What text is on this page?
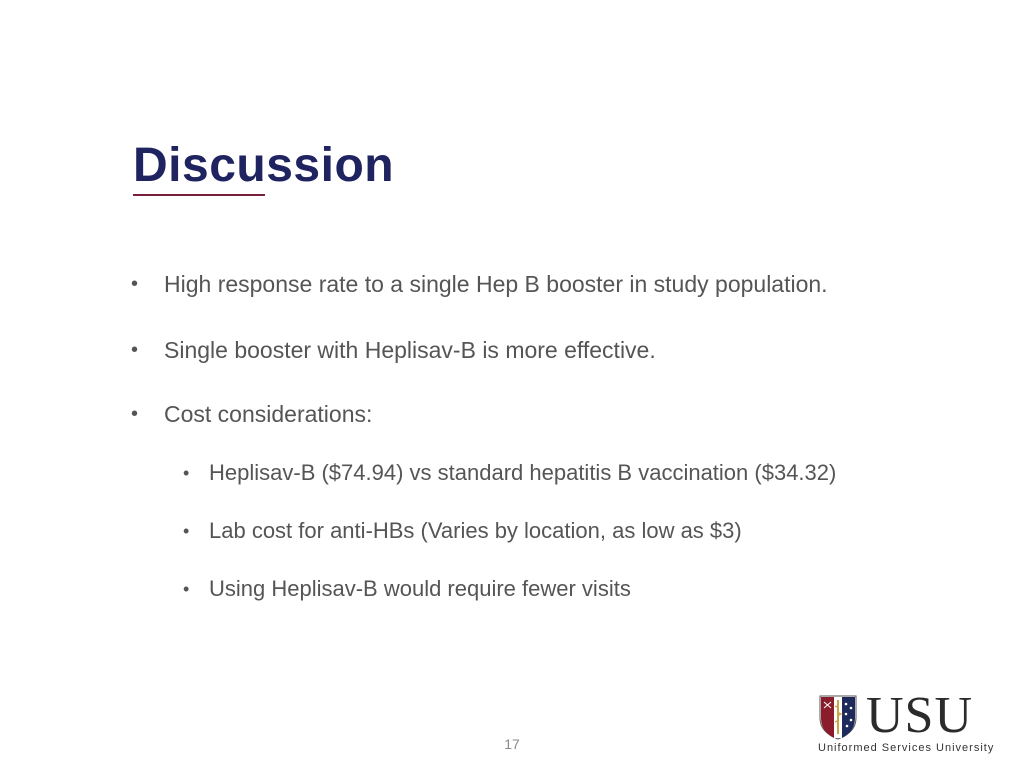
Discussion
• High response rate to a single Hep B booster in study population.
• Single booster with Heplisav-B is more effective.
• Cost considerations:
• Heplisav-B ($74.94) vs standard hepatitis B vaccination ($34.32)
• Lab cost for anti-HBs (Varies by location, as low as $3)
• Using Heplisav-B would require fewer visits
17	USU
Uniformed Services University
